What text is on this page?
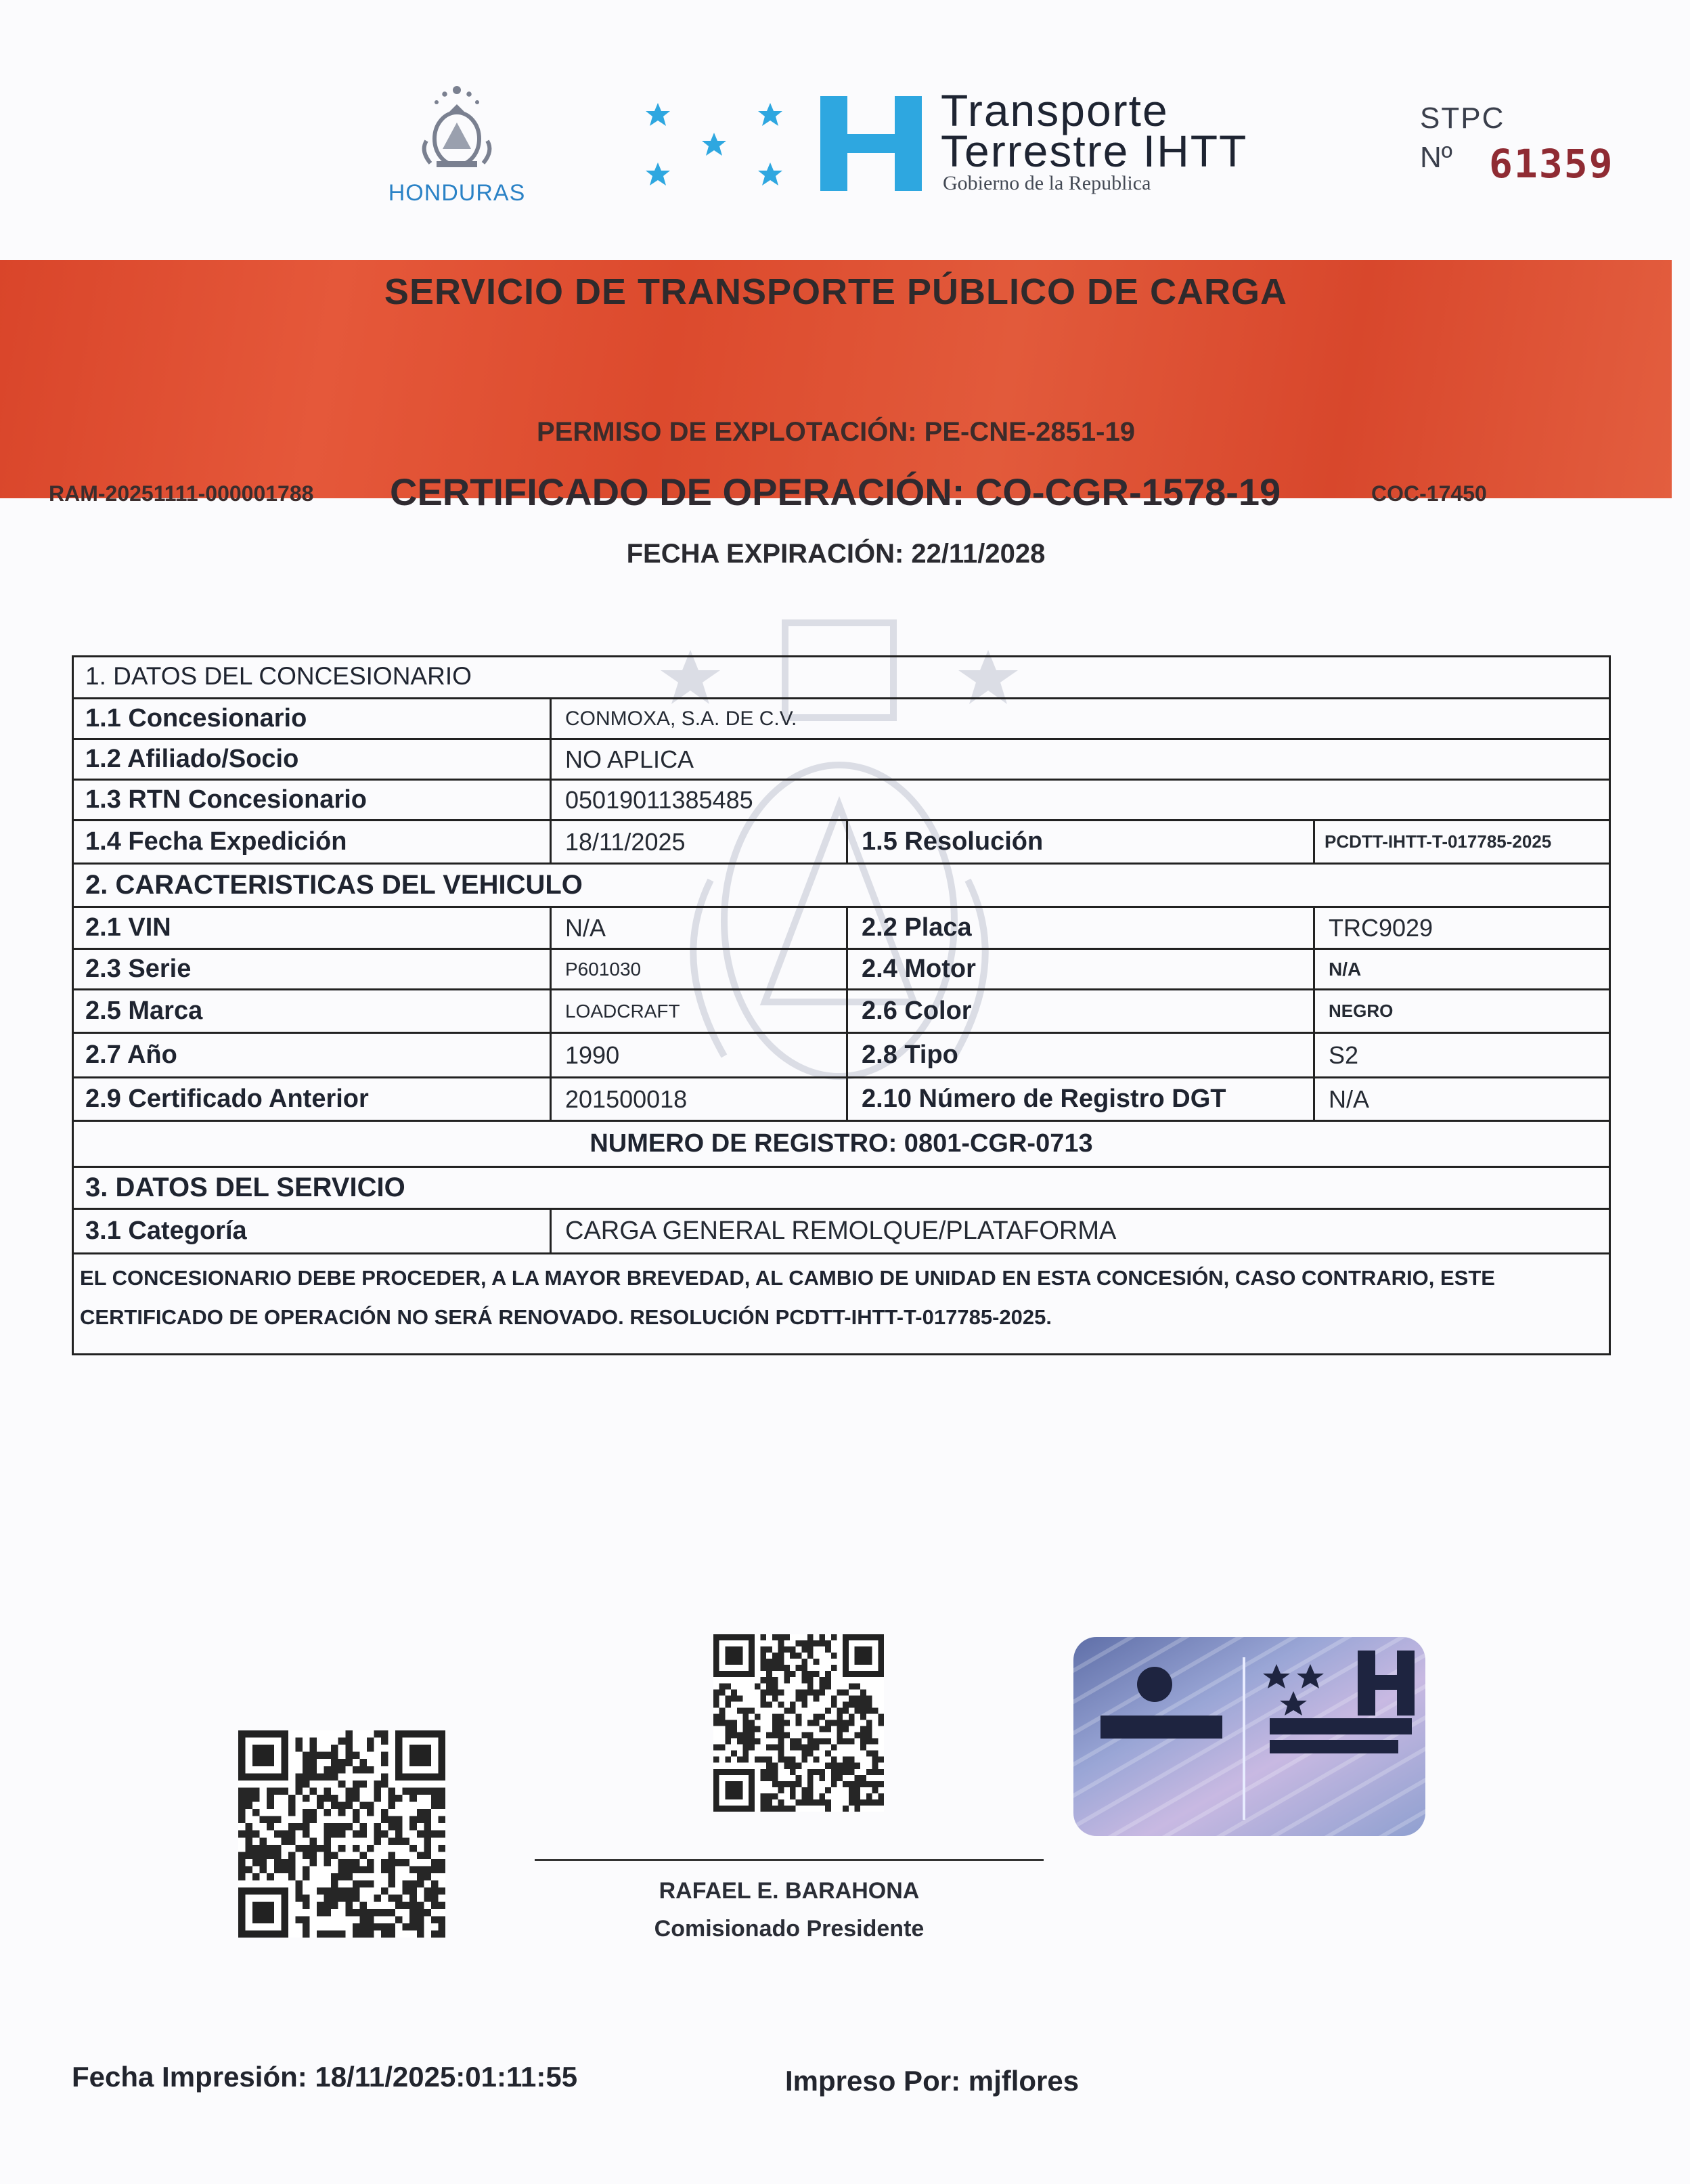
HONDURAS
Transporte
Terrestre IHTT
Gobierno de la Republica
STPC
Nº 61359
SERVICIO DE TRANSPORTE PÚBLICO DE CARGA
PERMISO DE EXPLOTACIÓN: PE-CNE-2851-19
RAM-20251111-000001788 CERTIFICADO DE OPERACIÓN: CO-CGR-1578-19	COC-17450
FECHA EXPIRACIÓN: 22/11/2028
1. DATOS DEL CONCESIONARIO
1.1 Concesionario	CONMOXA, S.A. DE C.V.
1.2 Afiliado/Socio	NO APLICA
1.3 RTN Concesionario	05019011385485
1.4 Fecha Expedición	18/11/2025	1.5 Resolución	PCDTT-IHTT-T-017785-2025
2. CARACTERISTICAS DEL VEHICULO
2.1 VIN	N/A	2.2 Placa	TRC9029
2.3 Serie	P601030	2.4 Motor	N/A
2.5 Marca	LOADCRAFT	2.6 Color	NEGRO
2.7 Año	1990	2.8 Tipo	S2
2.9 Certificado Anterior	201500018	2.10 Número de Registro DGT	N/A
NUMERO DE REGISTRO: 0801-CGR-0713
3. DATOS DEL SERVICIO
3.1 Categoría	CARGA GENERAL REMOLQUE/PLATAFORMA
EL CONCESIONARIO DEBE PROCEDER, A LA MAYOR BREVEDAD, AL CAMBIO DE UNIDAD EN ESTA CONCESIÓN, CASO CONTRARIO, ESTE CERTIFICADO DE OPERACIÓN NO SERÁ RENOVADO. RESOLUCIÓN PCDTT-IHTT-T-017785-2025.
RAFAEL E. BARAHONA
Comisionado Presidente
Fecha Impresión: 18/11/2025:01:11:55	Impreso Por: mjflores
